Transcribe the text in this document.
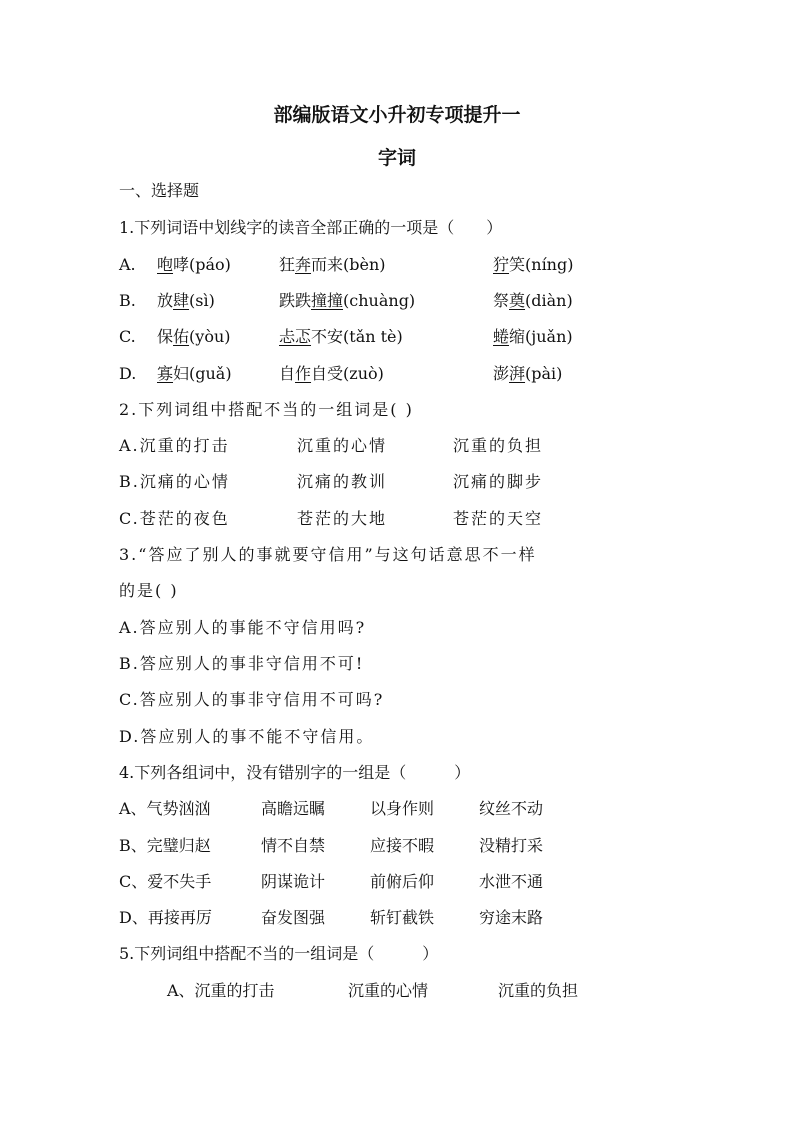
部编版语文小升初专项提升一
字词
一、选择题
1.下列词语中划线字的读音全部正确的一项是（　　）
A. 咆哮(páo)	狂奔而来(bèn)	狞笑(níng)
B. 放肆(sì)	跌跌撞撞(chuàng)	祭奠(diàn)
C. 保佑(yòu)	忐忑不安(tǎn tè)	蜷缩(juǎn)
D. 寡妇(guǎ)	自作自受(zuò)	澎湃(pài)
2.下列词组中搭配不当的一组词是( )
A.沉重的打击	沉重的心情	沉重的负担
B.沉痛的心情	沉痛的教训	沉痛的脚步
C.苍茫的夜色	苍茫的大地	苍茫的天空
3.“答应了别人的事就要守信用”与这句话意思不一样
的是( )
A.答应别人的事能不守信用吗?
B.答应别人的事非守信用不可!
C.答应别人的事非守信用不可吗?
D.答应别人的事不能不守信用。
4.下列各组词中，没有错别字的一组是（　　　）
A、气势汹汹	高瞻远瞩	以身作则	纹丝不动
B、完璧归赵	情不自禁	应接不暇	没精打采
C、爱不失手	阴谋诡计	前俯后仰	水泄不通
D、再接再厉	奋发图强	斩钉截铁	穷途末路
5.下列词组中搭配不当的一组词是（　　　）
A、沉重的打击	沉重的心情	沉重的负担
